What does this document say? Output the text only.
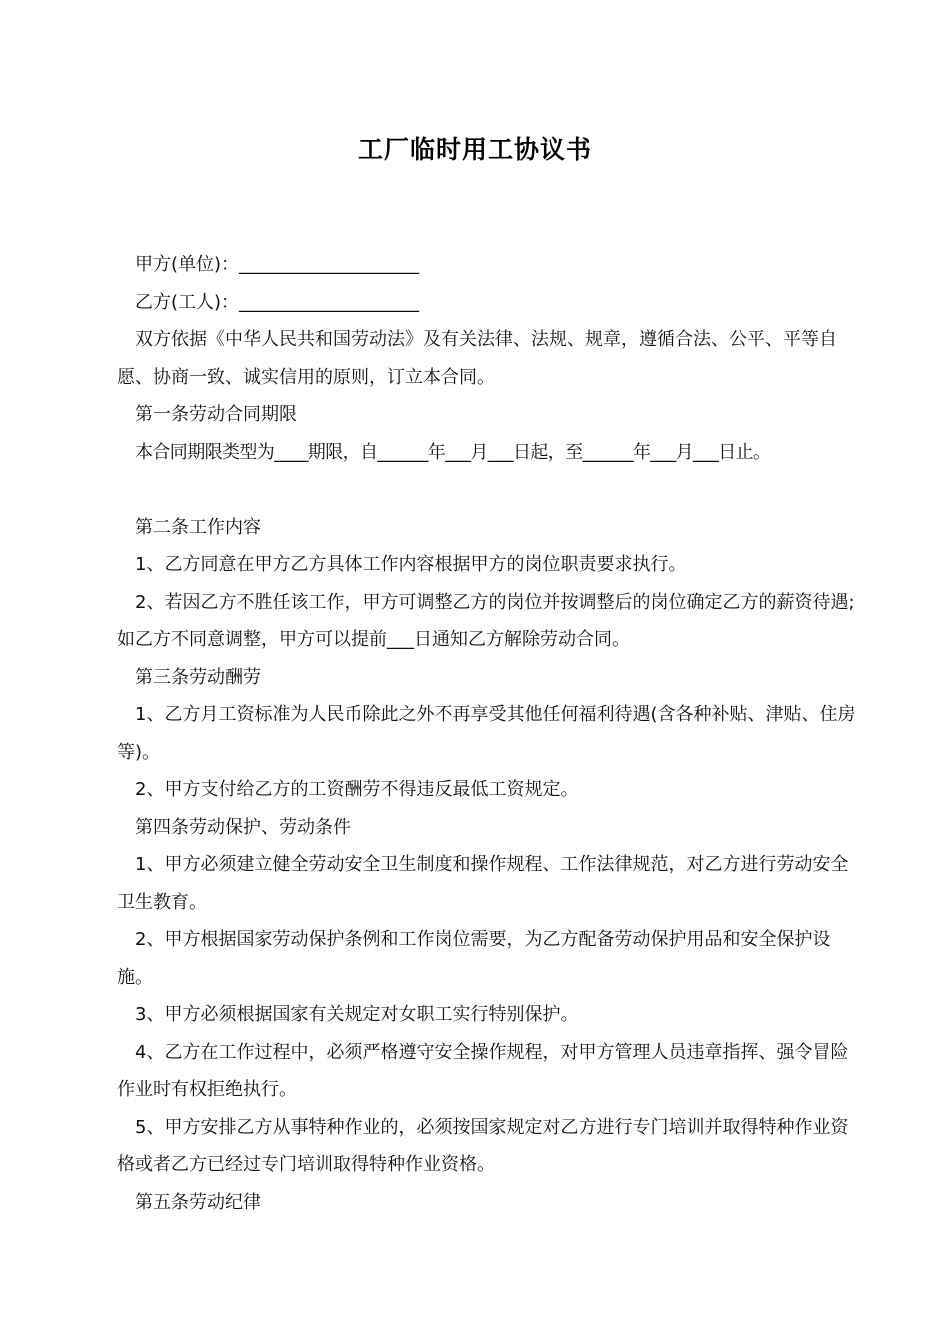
工厂临时用工协议书

甲方(单位)：____________________

乙方(工人)：____________________

双方依据《中华人民共和国劳动法》及有关法律、法规、规章，遵循合法、公平、平等自愿、协商一致、诚实信用的原则，订立本合同。

第一条劳动合同期限

本合同期限类型为____期限，自______年___月___日起，至______年___月___日止。

第二条工作内容

1、乙方同意在甲方乙方具体工作内容根据甲方的岗位职责要求执行。

2、若因乙方不胜任该工作，甲方可调整乙方的岗位并按调整后的岗位确定乙方的薪资待遇;如乙方不同意调整，甲方可以提前___日通知乙方解除劳动合同。

第三条劳动酬劳

1、乙方月工资标准为人民币除此之外不再享受其他任何福利待遇(含各种补贴、津贴、住房等)。

2、甲方支付给乙方的工资酬劳不得违反最低工资规定。

第四条劳动保护、劳动条件

1、甲方必须建立健全劳动安全卫生制度和操作规程、工作法律规范，对乙方进行劳动安全卫生教育。

2、甲方根据国家劳动保护条例和工作岗位需要，为乙方配备劳动保护用品和安全保护设施。

3、甲方必须根据国家有关规定对女职工实行特别保护。

4、乙方在工作过程中，必须严格遵守安全操作规程，对甲方管理人员违章指挥、强令冒险作业时有权拒绝执行。

5、甲方安排乙方从事特种作业的，必须按国家规定对乙方进行专门培训并取得特种作业资格或者乙方已经过专门培训取得特种作业资格。

第五条劳动纪律
